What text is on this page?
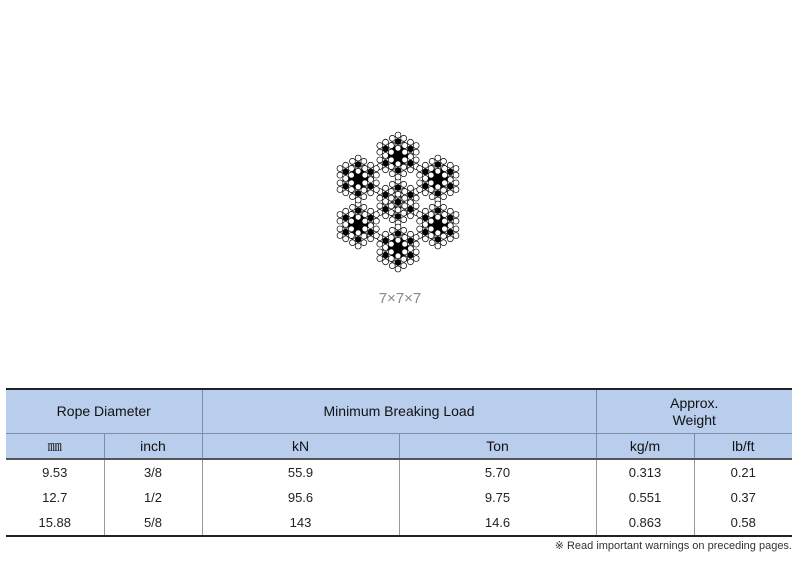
7×7×7
Rope Diameter		Minimum Breaking Load		Approx.
Weight	
㎜	inch	kN	Ton	kg/m	lb/ft
9.53	3/8	55.9	5.70	0.313	0.21
12.7	1/2	95.6	9.75	0.551	0.37
15.88	5/8	143	14.6	0.863	0.58
※ Read important warnings on preceding pages.
